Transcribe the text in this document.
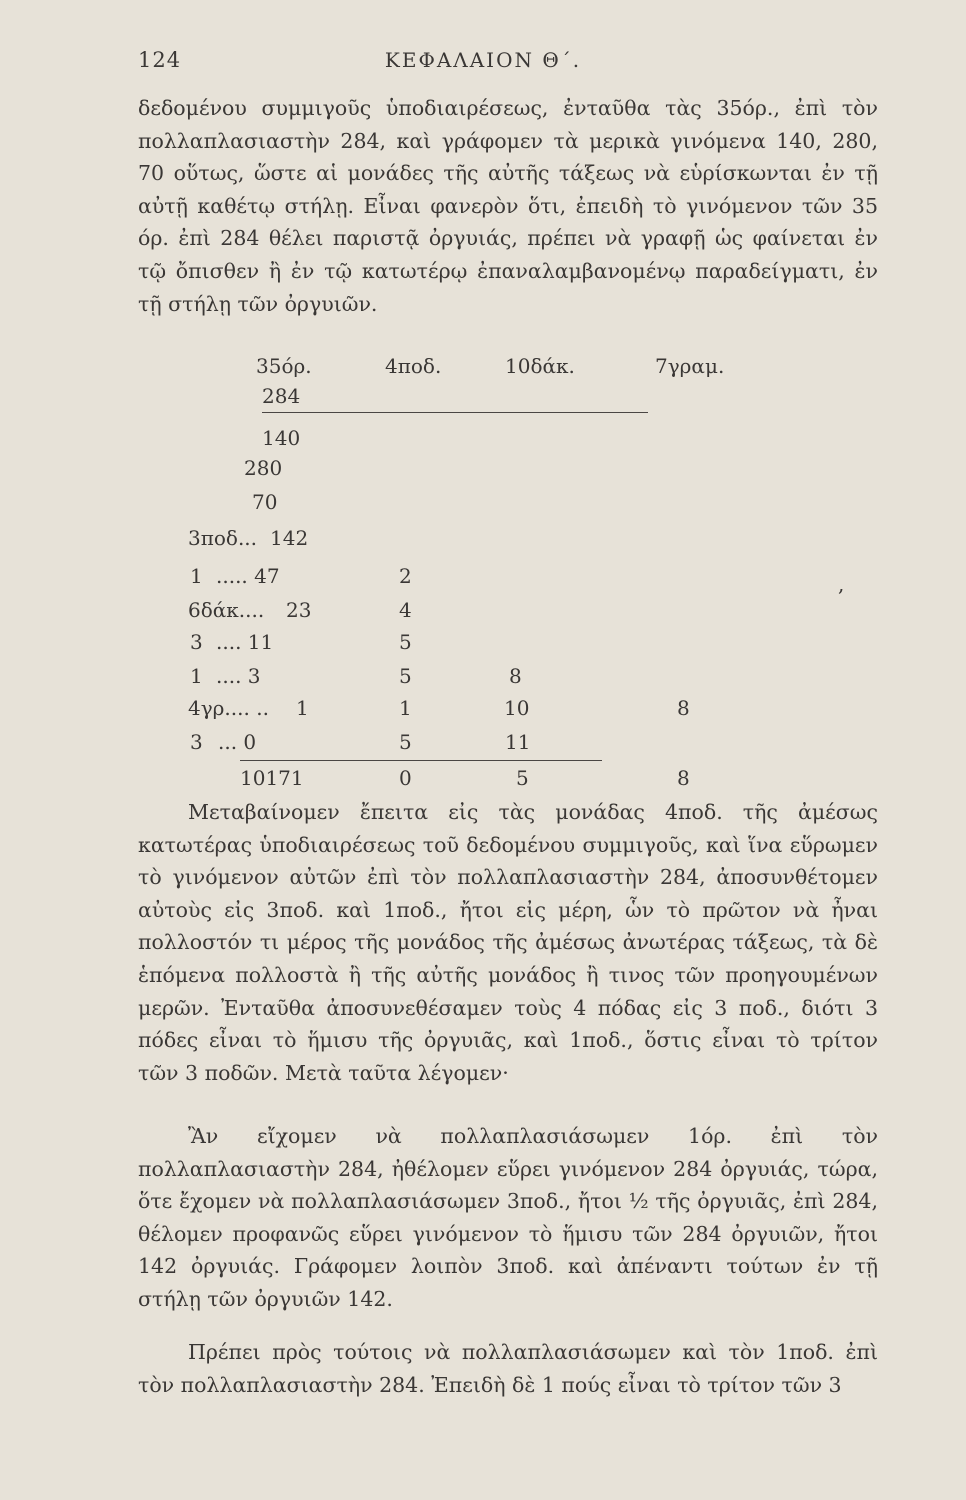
124	ΚΕΦΑΛΑΙΟΝ Θ΄.

δεδομένου συμμιγοῦς ὑποδιαιρέσεως, ἐνταῦθα τὰς 35όρ., ἐπὶ τὸν πολλαπλασιαστὴν 284, καὶ γράφομεν τὰ μερικὰ γινόμενα 140, 280, 70 οὕτως, ὥστε αἱ μονάδες τῆς αὐτῆς τάξεως νὰ εὑρίσκωνται ἐν τῇ αὐτῇ καθέτῳ στήλῃ. Εἶναι φανερὸν ὅτι, ἐπειδὴ τὸ γινόμενον τῶν 35 όρ. ἐπὶ 284 θέλει παριστᾷ ὀργυιάς, πρέπει νὰ γραφῇ ὡς φαίνεται ἐν τῷ ὄπισθεν ἢ ἐν τῷ κατωτέρῳ ἐπαναλαμβανομένῳ παραδείγματι, ἐν τῇ στήλῃ τῶν ὀργυιῶν.

35όρ.	4ποδ.	10δάκ.	7γραμ.
284
140
280
70
3ποδ... 142
1 ..... 47	2
6δάκ.... 23	4
3 .... 11	5
1 .... 3	5	8
4γρ.... .. 1	1	10	8
3 ... 0	5	11
10171	0	5	8
,

Μεταβαίνομεν ἔπειτα εἰς τὰς μονάδας 4ποδ. τῆς ἀμέσως κατωτέρας ὑποδιαιρέσεως τοῦ δεδομένου συμμιγοῦς, καὶ ἵνα εὕρωμεν τὸ γινόμενον αὐτῶν ἐπὶ τὸν πολλαπλασιαστὴν 284, ἀποσυνθέτομεν αὐτοὺς εἰς 3ποδ. καὶ 1ποδ., ἤτοι εἰς μέρη, ὧν τὸ πρῶτον νὰ ἦναι πολλοστόν τι μέρος τῆς μονάδος τῆς ἀμέσως ἀνωτέρας τάξεως, τὰ δὲ ἑπόμενα πολλοστὰ ἢ τῆς αὐτῆς μονάδος ἢ τινος τῶν προηγουμένων μερῶν. Ἐνταῦθα ἀποσυνεθέσαμεν τοὺς 4 πόδας εἰς 3 ποδ., διότι 3 πόδες εἶναι τὸ ἥμισυ τῆς ὀργυιᾶς, καὶ 1ποδ., ὅστις εἶναι τὸ τρίτον τῶν 3 ποδῶν. Μετὰ ταῦτα λέγομεν·

Ἂν εἴχομεν νὰ πολλαπλασιάσωμεν 1όρ. ἐπὶ τὸν πολλαπλασιαστὴν 284, ἠθέλομεν εὕρει γινόμενον 284 ὀργυιάς, τώρα, ὅτε ἔχομεν νὰ πολλαπλασιάσωμεν 3ποδ., ἤτοι ½ τῆς ὀργυιᾶς, ἐπὶ 284, θέλομεν προφανῶς εὕρει γινόμενον τὸ ἥμισυ τῶν 284 ὀργυιῶν, ἤτοι 142 ὀργυιάς. Γράφομεν λοιπὸν 3ποδ. καὶ ἀπέναντι τούτων ἐν τῇ στήλῃ τῶν ὀργυιῶν 142.

Πρέπει πρὸς τούτοις νὰ πολλαπλασιάσωμεν καὶ τὸν 1ποδ. ἐπὶ τὸν πολλαπλασιαστὴν 284. Ἐπειδὴ δὲ 1 πούς εἶναι τὸ τρίτον τῶν 3
